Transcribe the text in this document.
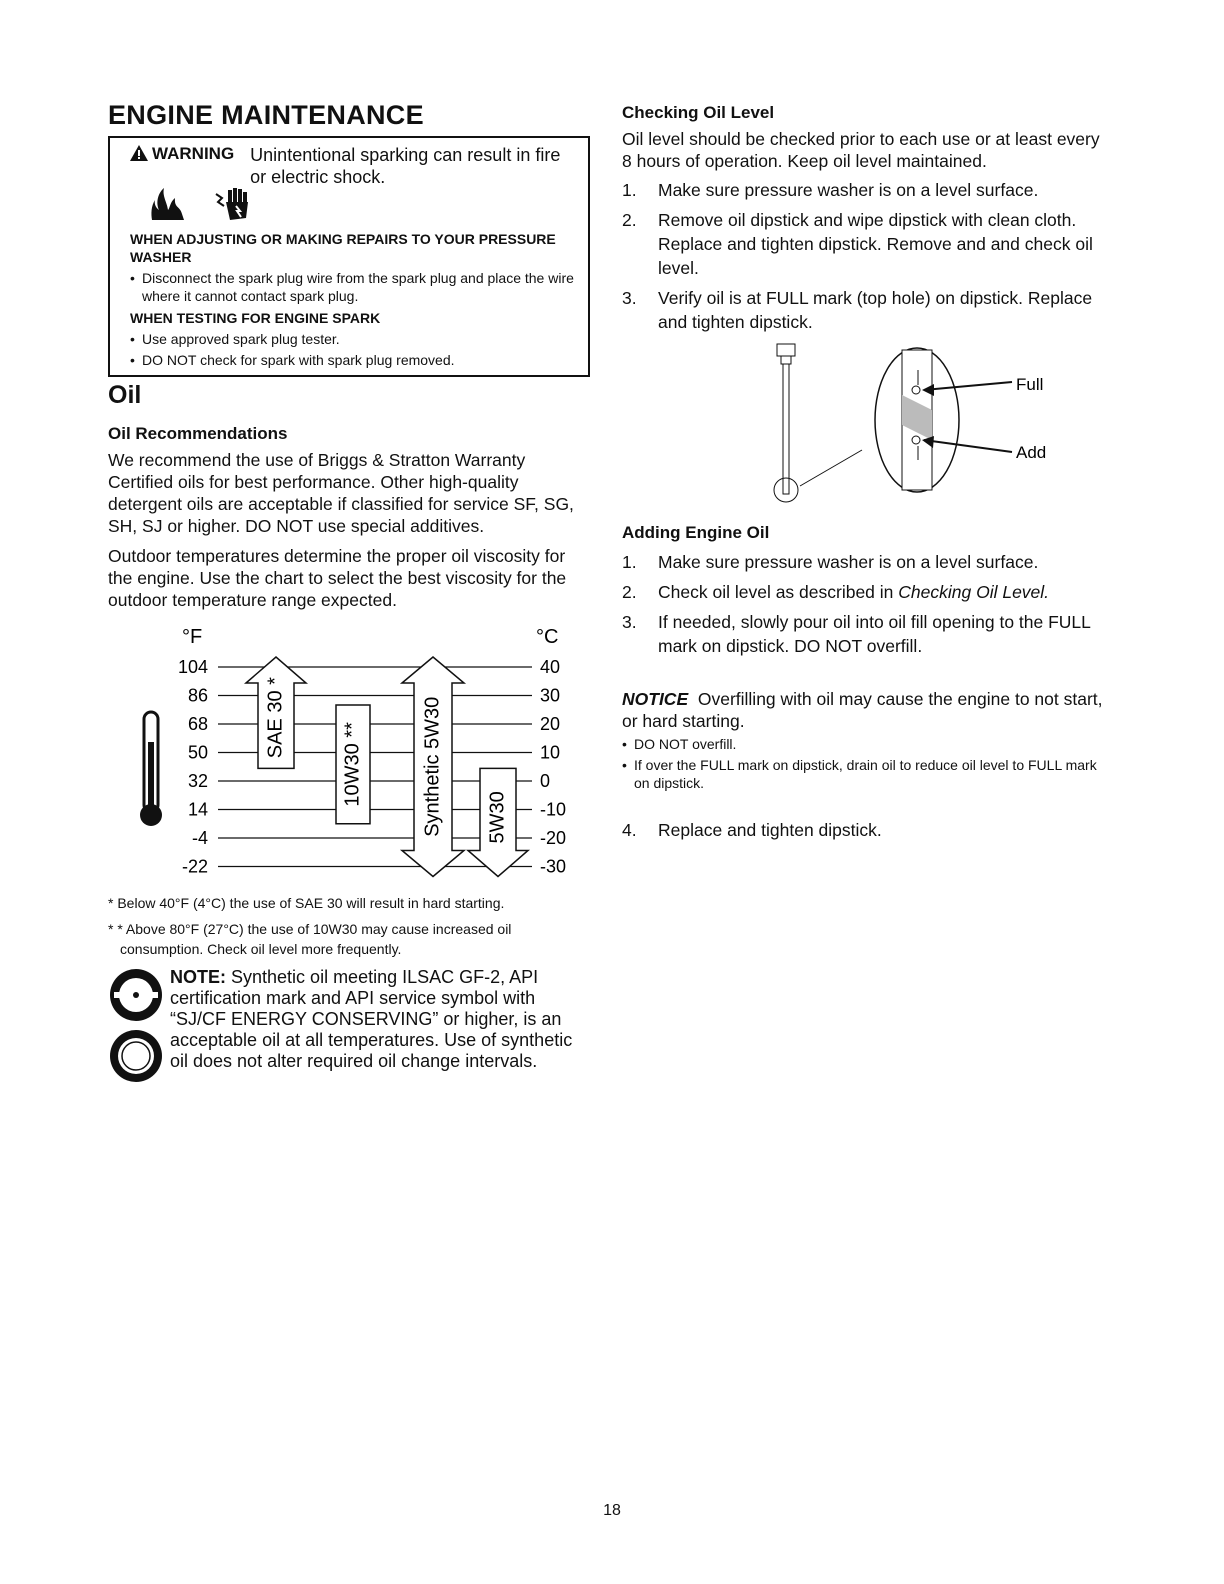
ENGINE MAINTENANCE
WARNING Unintentional sparking can result in fire or electric shock.
WHEN ADJUSTING OR MAKING REPAIRS TO YOUR PRESSURE WASHER
• Disconnect the spark plug wire from the spark plug and place the wire where it cannot contact spark plug.
WHEN TESTING FOR ENGINE SPARK
• Use approved spark plug tester.
• DO NOT check for spark with spark plug removed.
Oil
Oil Recommendations

We recommend the use of Briggs & Stratton Warranty Certified oils for best performance. Other high-quality detergent oils are acceptable if classified for service SF, SG, SH, SJ or higher. DO NOT use special additives.

Outdoor temperatures determine the proper oil viscosity for the engine. Use the chart to select the best viscosity for the outdoor temperature range expected.

°F	°C
104	40
86	30
68	20
50	10
32	0
14	-10
-4	-20
-22	-30
SAE 30 *
10W30 **	Synthetic 5W30 5W30

* Below 40°F (4°C) the use of SAE 30 will result in hard starting.

* * Above 80°F (27°C) the use of 10W30 may cause increased oil consumption. Check oil level more frequently.

NOTE: Synthetic oil meeting ILSAC GF-2, API certification mark and API service symbol with “SJ/CF ENERGY CONSERVING” or higher, is an acceptable oil at all temperatures. Use of synthetic oil does not alter required oil change intervals.
Checking Oil Level

Oil level should be checked prior to each use or at least every 8 hours of operation. Keep oil level maintained.

1. Make sure pressure washer is on a level surface.
2. Remove oil dipstick and wipe dipstick with clean cloth. Replace and tighten dipstick. Remove and and check oil level.
3. Verify oil is at FULL mark (top hole) on dipstick. Replace and tighten dipstick.
Full
Add
Adding Engine Oil
1. Make sure pressure washer is on a level surface.
2. Check oil level as described in Checking Oil Level.
3. If needed, slowly pour oil into oil fill opening to the FULL mark on dipstick. DO NOT overfill.

NOTICE Overfilling with oil may cause the engine to not start, or hard starting.

• DO NOT overfill.
• If over the FULL mark on dipstick, drain oil to reduce oil level to FULL mark on dipstick.
4. Replace and tighten dipstick.
18
